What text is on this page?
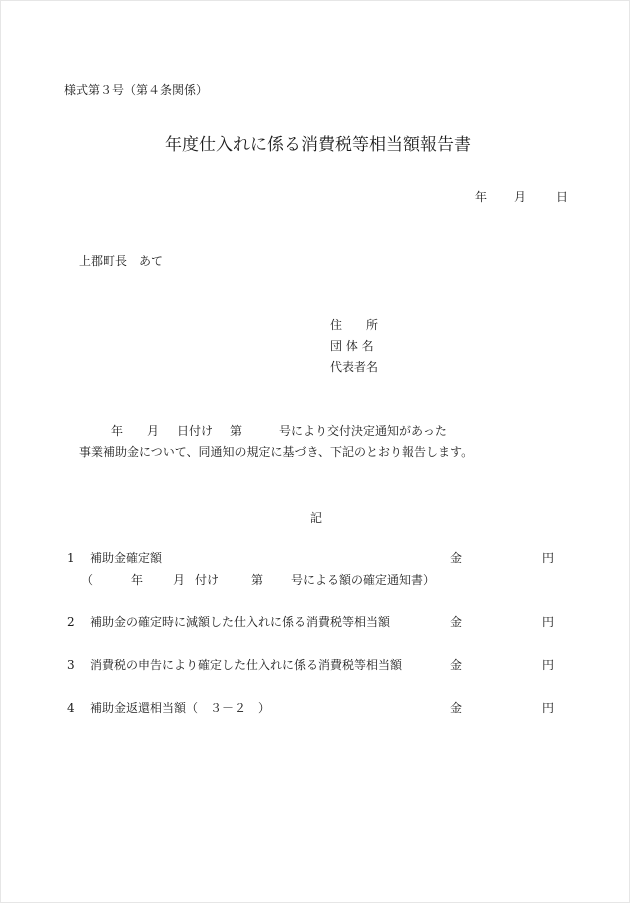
様式第３号（第４条関係）
年度仕入れに係る消費税等相当額報告書
年 月 日
上郡町長　あて
住　　所
団 体 名
代表者名
年 月 日付け 第	号により交付決定通知があった
事業補助金について、同通知の規定に基づき、下記のとおり報告します。
記
1 補助金確定額	金	円
（	年 月 付け	第 号による額の確定通知書）
2 補助金の確定時に減額した仕入れに係る消費税等相当額	金	円
3 消費税の申告により確定した仕入れに係る消費税等相当額	金	円
4 補助金返還相当額（　３－２　）	金	円
